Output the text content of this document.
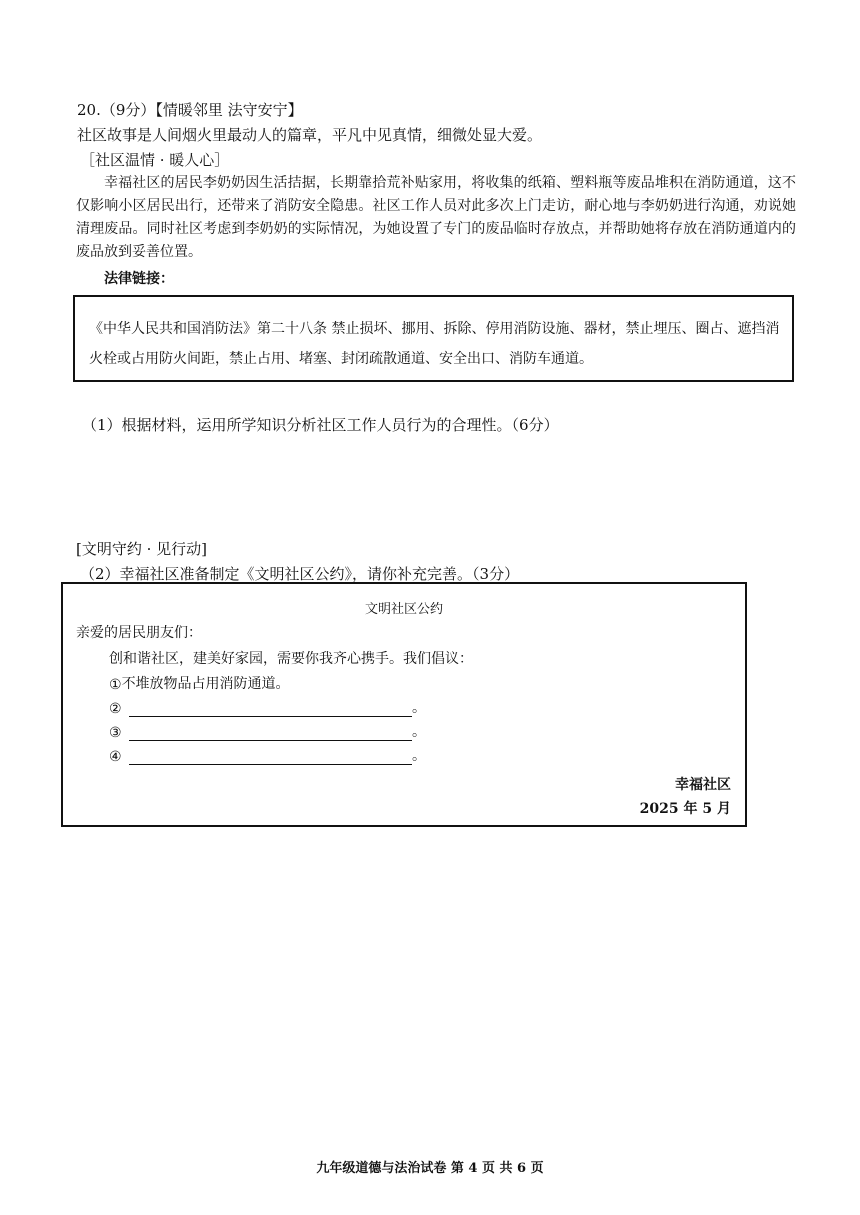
20.（9分）【情暖邻里 法守安宁】
社区故事是人间烟火里最动人的篇章，平凡中见真情，细微处显大爱。
［社区温情 · 暖人心］

幸福社区的居民李奶奶因生活拮据，长期靠拾荒补贴家用，将收集的纸箱、塑料瓶等废品堆积在消防通道，这不仅影响小区居民出行，还带来了消防安全隐患。社区工作人员对此多次上门走访，耐心地与李奶奶进行沟通，劝说她清理废品。同时社区考虑到李奶奶的实际情况，为她设置了专门的废品临时存放点，并帮助她将存放在消防通道内的废品放到妥善位置。

法律链接：
《中华人民共和国消防法》第二十八条 禁止损坏、挪用、拆除、停用消防设施、器材，禁止埋压、圈占、遮挡消火栓或占用防火间距，禁止占用、堵塞、封闭疏散通道、安全出口、消防车通道。
（1）根据材料，运用所学知识分析社区工作人员行为的合理性。（6分）
[文明守约 · 见行动]
（2）幸福社区准备制定《文明社区公约》，请你补充完善。（3分）
文明社区公约
亲爱的居民朋友们：
创和谐社区，建美好家园，需要你我齐心携手。我们倡议：
① 不堆放物品占用消防通道。
②	。
③	。
④	。
幸福社区
2025 年 5 月
九年级道德与法治试卷 第 4 页 共 6 页
